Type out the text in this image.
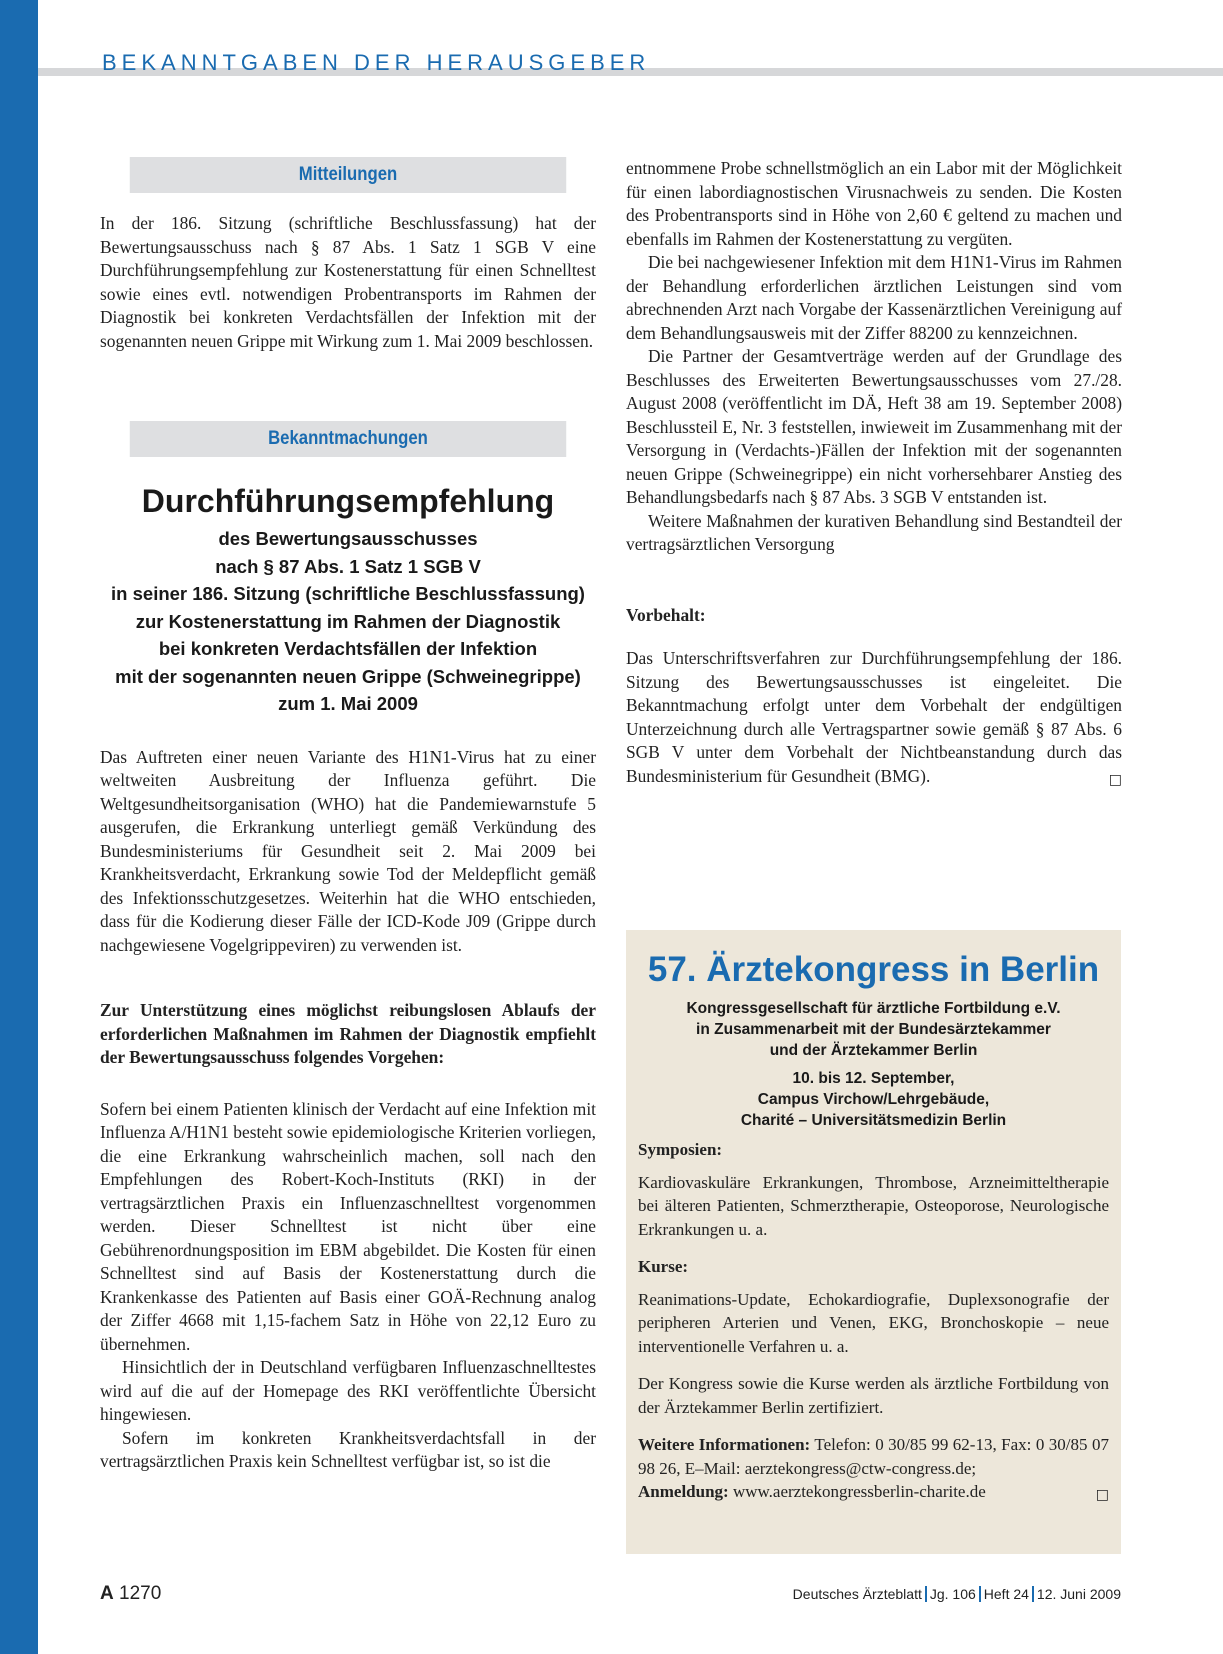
BEKANNTGABEN DER HERAUSGEBER
Mitteilungen

In der 186. Sitzung (schriftliche Beschlussfassung) hat der Bewertungsausschuss nach § 87 Abs. 1 Satz 1 SGB V eine Durchführungsempfehlung zur Kostenerstattung für einen Schnelltest sowie eines evtl. notwendigen Probentransports im Rahmen der Diagnostik bei konkreten Verdachtsfällen der Infektion mit der sogenannten neuen Grippe mit Wirkung zum 1. Mai 2009 beschlossen.

Bekanntmachungen
Durchführungsempfehlung
des Bewertungsausschusses
nach § 87 Abs. 1 Satz 1 SGB V
in seiner 186. Sitzung (schriftliche Beschlussfassung)
zur Kostenerstattung im Rahmen der Diagnostik
bei konkreten Verdachtsfällen der Infektion
mit der sogenannten neuen Grippe (Schweinegrippe)
zum 1. Mai 2009

Das Auftreten einer neuen Variante des H1N1-Virus hat zu einer weltweiten Ausbreitung der Influenza geführt. Die Weltgesundheitsorganisation (WHO) hat die Pandemiewarnstufe 5 ausgerufen, die Erkrankung unterliegt gemäß Verkündung des Bundesministeriums für Gesundheit seit 2. Mai 2009 bei Krankheitsverdacht, Erkrankung sowie Tod der Meldepflicht gemäß des Infektionsschutzgesetzes. Weiterhin hat die WHO entschieden, dass für die Kodierung dieser Fälle der ICD-Kode J09 (Grippe durch nachgewiesene Vogelgrippeviren) zu verwenden ist.

Zur Unterstützung eines möglichst reibungslosen Ablaufs der erforderlichen Maßnahmen im Rahmen der Diagnostik empfiehlt der Bewertungsausschuss folgendes Vorgehen:

Sofern bei einem Patienten klinisch der Verdacht auf eine Infektion mit Influenza A/H1N1 besteht sowie epidemiologische Kriterien vorliegen, die eine Erkrankung wahrscheinlich machen, soll nach den Empfehlungen des Robert-Koch-Instituts (RKI) in der vertragsärztlichen Praxis ein Influenzaschnelltest vorgenommen werden. Dieser Schnelltest ist nicht über eine Gebührenordnungsposition im EBM abgebildet. Die Kosten für einen Schnelltest sind auf Basis der Kostenerstattung durch die Krankenkasse des Patienten auf Basis einer GOÄ-Rechnung analog der Ziffer 4668 mit 1,15-fachem Satz in Höhe von 22,12 Euro zu übernehmen.

Hinsichtlich der in Deutschland verfügbaren Influenzaschnelltestes wird auf die auf der Homepage des RKI veröffentlichte Übersicht hingewiesen.

Sofern im konkreten Krankheitsverdachtsfall in der vertragsärztlichen Praxis kein Schnelltest verfügbar ist, so ist die

entnommene Probe schnellstmöglich an ein Labor mit der Möglichkeit für einen labordiagnostischen Virusnachweis zu senden. Die Kosten des Probentransports sind in Höhe von 2,60 € geltend zu machen und ebenfalls im Rahmen der Kostenerstattung zu vergüten.

Die bei nachgewiesener Infektion mit dem H1N1-Virus im Rahmen der Behandlung erforderlichen ärztlichen Leistungen sind vom abrechnenden Arzt nach Vorgabe der Kassenärztlichen Vereinigung auf dem Behandlungsausweis mit der Ziffer 88200 zu kennzeichnen.

Die Partner der Gesamtverträge werden auf der Grundlage des Beschlusses des Erweiterten Bewertungsausschusses vom 27./28. August 2008 (veröffentlicht im DÄ, Heft 38 am 19. September 2008) Beschlussteil E, Nr. 3 feststellen, inwieweit im Zusammenhang mit der Versorgung in (Verdachts-)Fällen der Infektion mit der sogenannten neuen Grippe (Schweinegrippe) ein nicht vorhersehbarer Anstieg des Behandlungsbedarfs nach § 87 Abs. 3 SGB V entstanden ist.

Weitere Maßnahmen der kurativen Behandlung sind Bestandteil der vertragsärztlichen Versorgung

Vorbehalt:

Das Unterschriftsverfahren zur Durchführungsempfehlung der 186. Sitzung des Bewertungsausschusses ist eingeleitet. Die Bekanntmachung erfolgt unter dem Vorbehalt der endgültigen Unterzeichnung durch alle Vertragspartner sowie gemäß § 87 Abs. 6 SGB V unter dem Vorbehalt der Nichtbeanstandung durch das Bundesministerium für Gesundheit (BMG).	□

57. Ärztekongress in Berlin
Kongressgesellschaft für ärztliche Fortbildung e.V.
in Zusammenarbeit mit der Bundesärztekammer
und der Ärztekammer Berlin
10. bis 12. September,
Campus Virchow/Lehrgebäude,
Charité – Universitätsmedizin Berlin

Symposien:

Kardiovaskuläre Erkrankungen, Thrombose, Arzneimitteltherapie bei älteren Patienten, Schmerztherapie, Osteoporose, Neurologische Erkrankungen u. a.

Kurse:

Reanimations-Update, Echokardiografie, Duplexsonografie der peripheren Arterien und Venen, EKG, Bronchoskopie – neue interventionelle Verfahren u. a.

Der Kongress sowie die Kurse werden als ärztliche Fortbildung von der Ärztekammer Berlin zertifiziert.

Weitere Informationen: Telefon: 0 30/85 99 62-13, Fax: 0 30/85 07 98 26, E–Mail: aerztekongress@ctw-congress.de;

Anmeldung: www.aerztekongressberlin-charite.de	□

A 1270	Deutsches Ärzteblatt Jg. 106 Heft 24 12. Juni 2009
